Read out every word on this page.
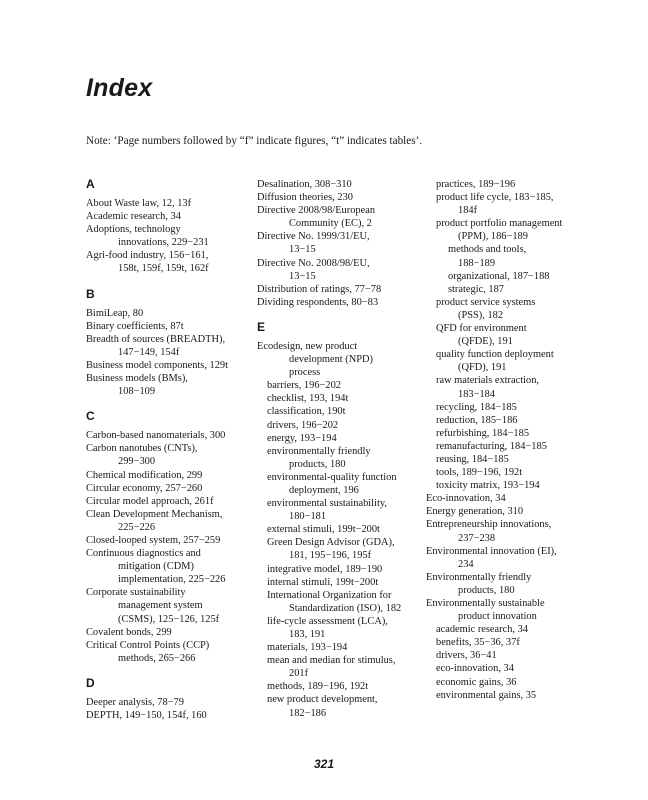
Index

Note: ‘Page numbers followed by “f” indicate figures, “t” indicates tables’.

A
About Waste law, 12, 13f
Academic research, 34
Adoptions, technology
innovations, 229−231
Agri-food industry, 156−161,
158t, 159f, 159t, 162f
B
BimiLeap, 80
Binary coefficients, 87t
Breadth of sources (BREADTH),
147−149, 154f
Business model components, 129t
Business models (BMs),
108−109
C
Carbon-based nanomaterials, 300
Carbon nanotubes (CNTs),
299−300
Chemical modification, 299
Circular economy, 257−260
Circular model approach, 261f
Clean Development Mechanism,
225−226
Closed-looped system, 257−259
Continuous diagnostics and
mitigation (CDM)
implementation, 225−226
Corporate sustainability
management system
(CSMS), 125−126, 125f
Covalent bonds, 299
Critical Control Points (CCP)
methods, 265−266
D
Deeper analysis, 78−79
DEPTH, 149−150, 154f, 160
Desalination, 308−310
Diffusion theories, 230
Directive 2008/98/European
Community (EC), 2
Directive No. 1999/31/EU,
13−15
Directive No. 2008/98/EU,
13−15
Distribution of ratings, 77−78
Dividing respondents, 80−83
E
Ecodesign, new product
development (NPD)
process
barriers, 196−202
checklist, 193, 194t
classification, 190t
drivers, 196−202
energy, 193−194
environmentally friendly
products, 180
environmental-quality function
deployment, 196
environmental sustainability,
180−181
external stimuli, 199t−200t
Green Design Advisor (GDA),
181, 195−196, 195f
integrative model, 189−190
internal stimuli, 199t−200t
International Organization for
Standardization (ISO), 182
life-cycle assessment (LCA),
183, 191
materials, 193−194
mean and median for stimulus,
201f
methods, 189−196, 192t
new product development,
182−186
practices, 189−196
product life cycle, 183−185,
184f
product portfolio management
(PPM), 186−189
methods and tools,
188−189
organizational, 187−188
strategic, 187
product service systems
(PSS), 182
QFD for environment
(QFDE), 191
quality function deployment
(QFD), 191
raw materials extraction,
183−184
recycling, 184−185
reduction, 185−186
refurbishing, 184−185
remanufacturing, 184−185
reusing, 184−185
tools, 189−196, 192t
toxicity matrix, 193−194
Eco-innovation, 34
Energy generation, 310
Entrepreneurship innovations,
237−238
Environmental innovation (EI),
234
Environmentally friendly
products, 180
Environmentally sustainable
product innovation
academic research, 34
benefits, 35−36, 37f
drivers, 36−41
eco-innovation, 34
economic gains, 36
environmental gains, 35

321
